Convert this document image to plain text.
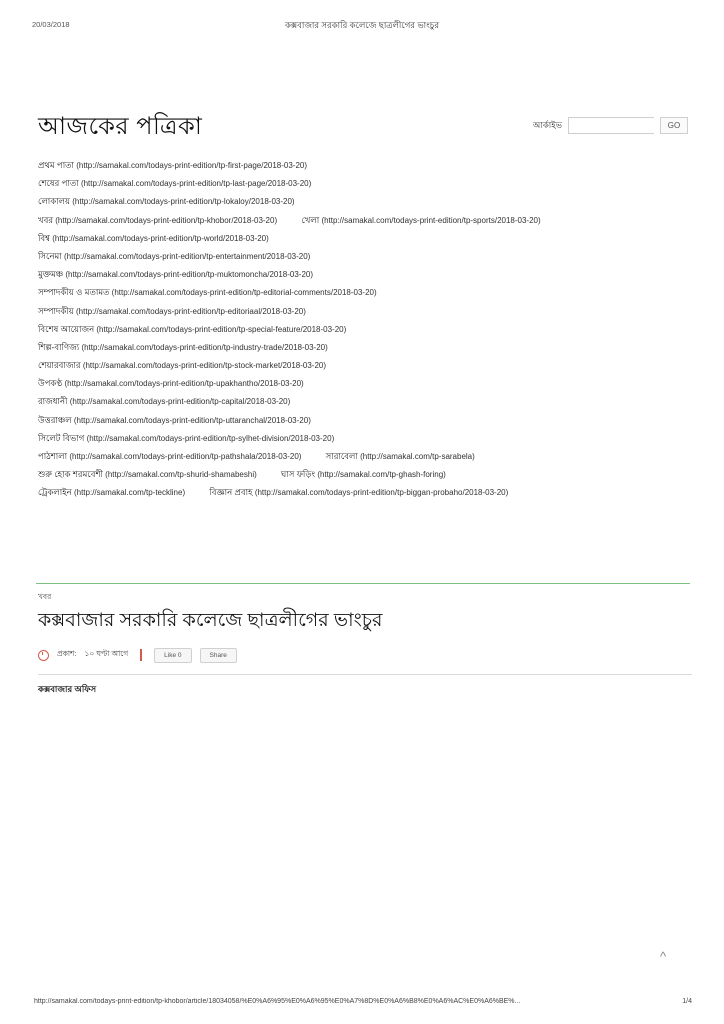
20/03/2018	কক্সবাজার সরকারি কলেজে ছাত্রলীগের ভাংচুর
আজকের পত্রিকা	আর্কাইভ	GO
প্রথম পাতা (http://samakal.com/todays-print-edition/tp-first-page/2018-03-20)
শেষের পাতা (http://samakal.com/todays-print-edition/tp-last-page/2018-03-20)
লোকালয় (http://samakal.com/todays-print-edition/tp-lokaloy/2018-03-20)
খবর (http://samakal.com/todays-print-edition/tp-khobor/2018-03-20)	খেলা (http://samakal.com/todays-print-edition/tp-sports/2018-03-20)
বিশ্ব (http://samakal.com/todays-print-edition/tp-world/2018-03-20)
সিনেমা (http://samakal.com/todays-print-edition/tp-entertainment/2018-03-20)
মুক্তমঞ্চ (http://samakal.com/todays-print-edition/tp-muktomoncha/2018-03-20)
সম্পাদকীয় ও মতামত (http://samakal.com/todays-print-edition/tp-editorial-comments/2018-03-20)
সম্পাদকীয় (http://samakal.com/todays-print-edition/tp-editoriaal/2018-03-20)
বিশেষ আয়োজন (http://samakal.com/todays-print-edition/tp-special-feature/2018-03-20)
শিল্প-বাণিজ্য (http://samakal.com/todays-print-edition/tp-industry-trade/2018-03-20)
শেয়ারবাজার (http://samakal.com/todays-print-edition/tp-stock-market/2018-03-20)
উপকণ্ঠ (http://samakal.com/todays-print-edition/tp-upakhantho/2018-03-20)
রাজধানী (http://samakal.com/todays-print-edition/tp-capital/2018-03-20)
উত্তরাঞ্চল (http://samakal.com/todays-print-edition/tp-uttaranchal/2018-03-20)
সিলেট বিভাগ (http://samakal.com/todays-print-edition/tp-sylhet-division/2018-03-20)
পাঠশালা (http://samakal.com/todays-print-edition/tp-pathshala/2018-03-20)	সারাবেলা (http://samakal.com/tp-sarabela)
শুরু হোক শরমবেশী (http://samakal.com/tp-shurid-shamabeshi)	ঘাস ফড়িং (http://samakal.com/tp-ghash-foring)
ট্রেকলাইন (http://samakal.com/tp-teckline)	বিজ্ঞান প্রবাহ (http://samakal.com/todays-print-edition/tp-biggan-probaho/2018-03-20)
খবর
কক্সবাজার সরকারি কলেজে ছাত্রলীগের ভাংচুর
প্রকাশ: ১০ ঘণ্টা আগে	Like 0	Share
কক্সবাজার অফিস
^
http://samakal.com/todays-print-edition/tp-khobor/article/18034058/%E0%A6%95%E0%A6%95%E0%A7%8D%E0%A6%B8%E0%A6%AC%E0%A6%BE%...	1/4
